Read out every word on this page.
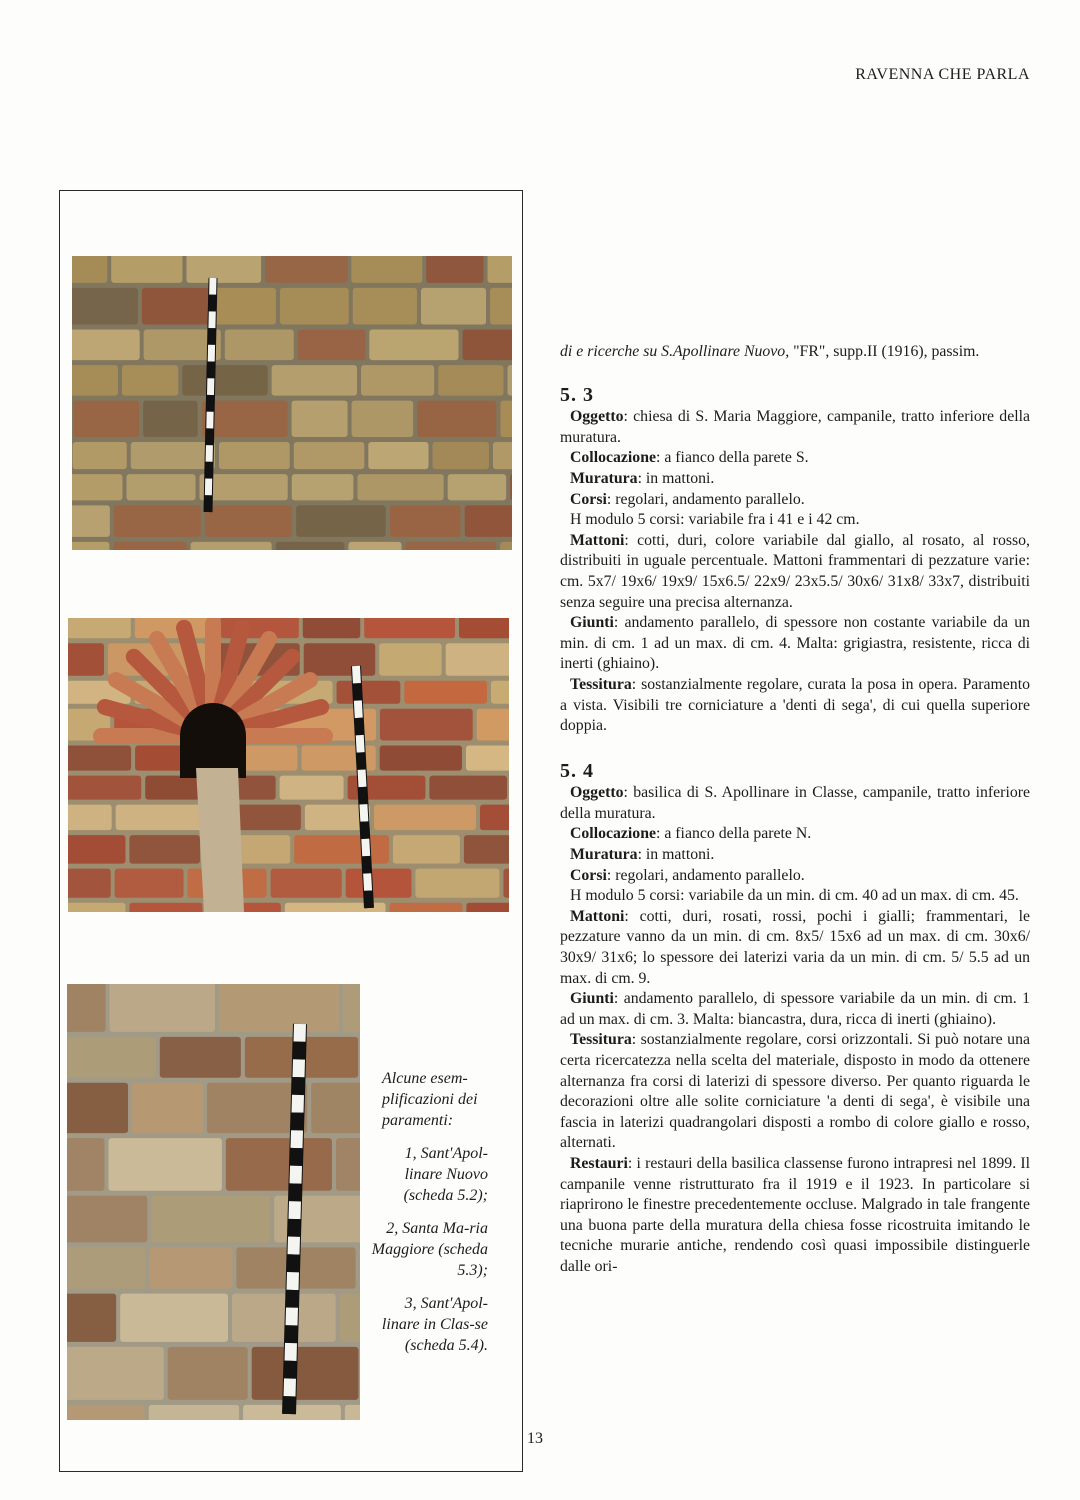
RAVENNA CHE PARLA

Alcune esem-plificazioni dei paramenti:

1, Sant'Apol-linare Nuovo (scheda 5.2);

2, Santa Ma-ria Maggiore (scheda 5.3);

3, Sant'Apol-linare in Clas-se (scheda 5.4).

13

di e ricerche su S.Apollinare Nuovo, "FR", supp.II (1916), passim.

5. 3

Oggetto: chiesa di S. Maria Maggiore, campanile, tratto inferiore della muratura.

Collocazione: a fianco della parete S.

Muratura: in mattoni.

Corsi: regolari, andamento parallelo.

H modulo 5 corsi: variabile fra i 41 e i 42 cm.

Mattoni: cotti, duri, colore variabile dal giallo, al rosato, al rosso, distribuiti in uguale percentuale. Mattoni frammentari di pezzature varie: cm. 5x7/ 19x6/ 19x9/ 15x6.5/ 22x9/ 23x5.5/ 30x6/ 31x8/ 33x7, distribuiti senza seguire una precisa alternanza.

Giunti: andamento parallelo, di spessore non costante variabile da un min. di cm. 1 ad un max. di cm. 4. Malta: grigiastra, resistente, ricca di inerti (ghiaino).

Tessitura: sostanzialmente regolare, curata la posa in opera. Paramento a vista. Visibili tre corniciature a 'denti di sega', di cui quella superiore doppia.

5. 4

Oggetto: basilica di S. Apollinare in Classe, campanile, tratto inferiore della muratura.

Collocazione: a fianco della parete N.

Muratura: in mattoni.

Corsi: regolari, andamento parallelo.

H modulo 5 corsi: variabile da un min. di cm. 40 ad un max. di cm. 45.

Mattoni: cotti, duri, rosati, rossi, pochi i gialli; frammentari, le pezzature vanno da un min. di cm. 8x5/ 15x6 ad un max. di cm. 30x6/ 30x9/ 31x6; lo spessore dei laterizi varia da un min. di cm. 5/ 5.5 ad un max. di cm. 9.

Giunti: andamento parallelo, di spessore variabile da un min. di cm. 1 ad un max. di cm. 3. Malta: biancastra, dura, ricca di inerti (ghiaino).

Tessitura: sostanzialmente regolare, corsi orizzontali. Si può notare una certa ricercatezza nella scelta del materiale, disposto in modo da ottenere alternanza fra corsi di laterizi di spessore diverso. Per quanto riguarda le decorazioni oltre alle solite corniciature 'a denti di sega', è visibile una fascia in laterizi quadrangolari disposti a rombo di colore giallo e rosso, alternati.

Restauri: i restauri della basilica classense furono intrapresi nel 1899. Il campanile venne ristrutturato fra il 1919 e il 1923. In particolare si riaprirono le finestre precedentemente occluse. Malgrado in tale frangente una buona parte della muratura della chiesa fosse ricostruita imitando le tecniche murarie antiche, rendendo così quasi impossibile distinguerle dalle ori-
